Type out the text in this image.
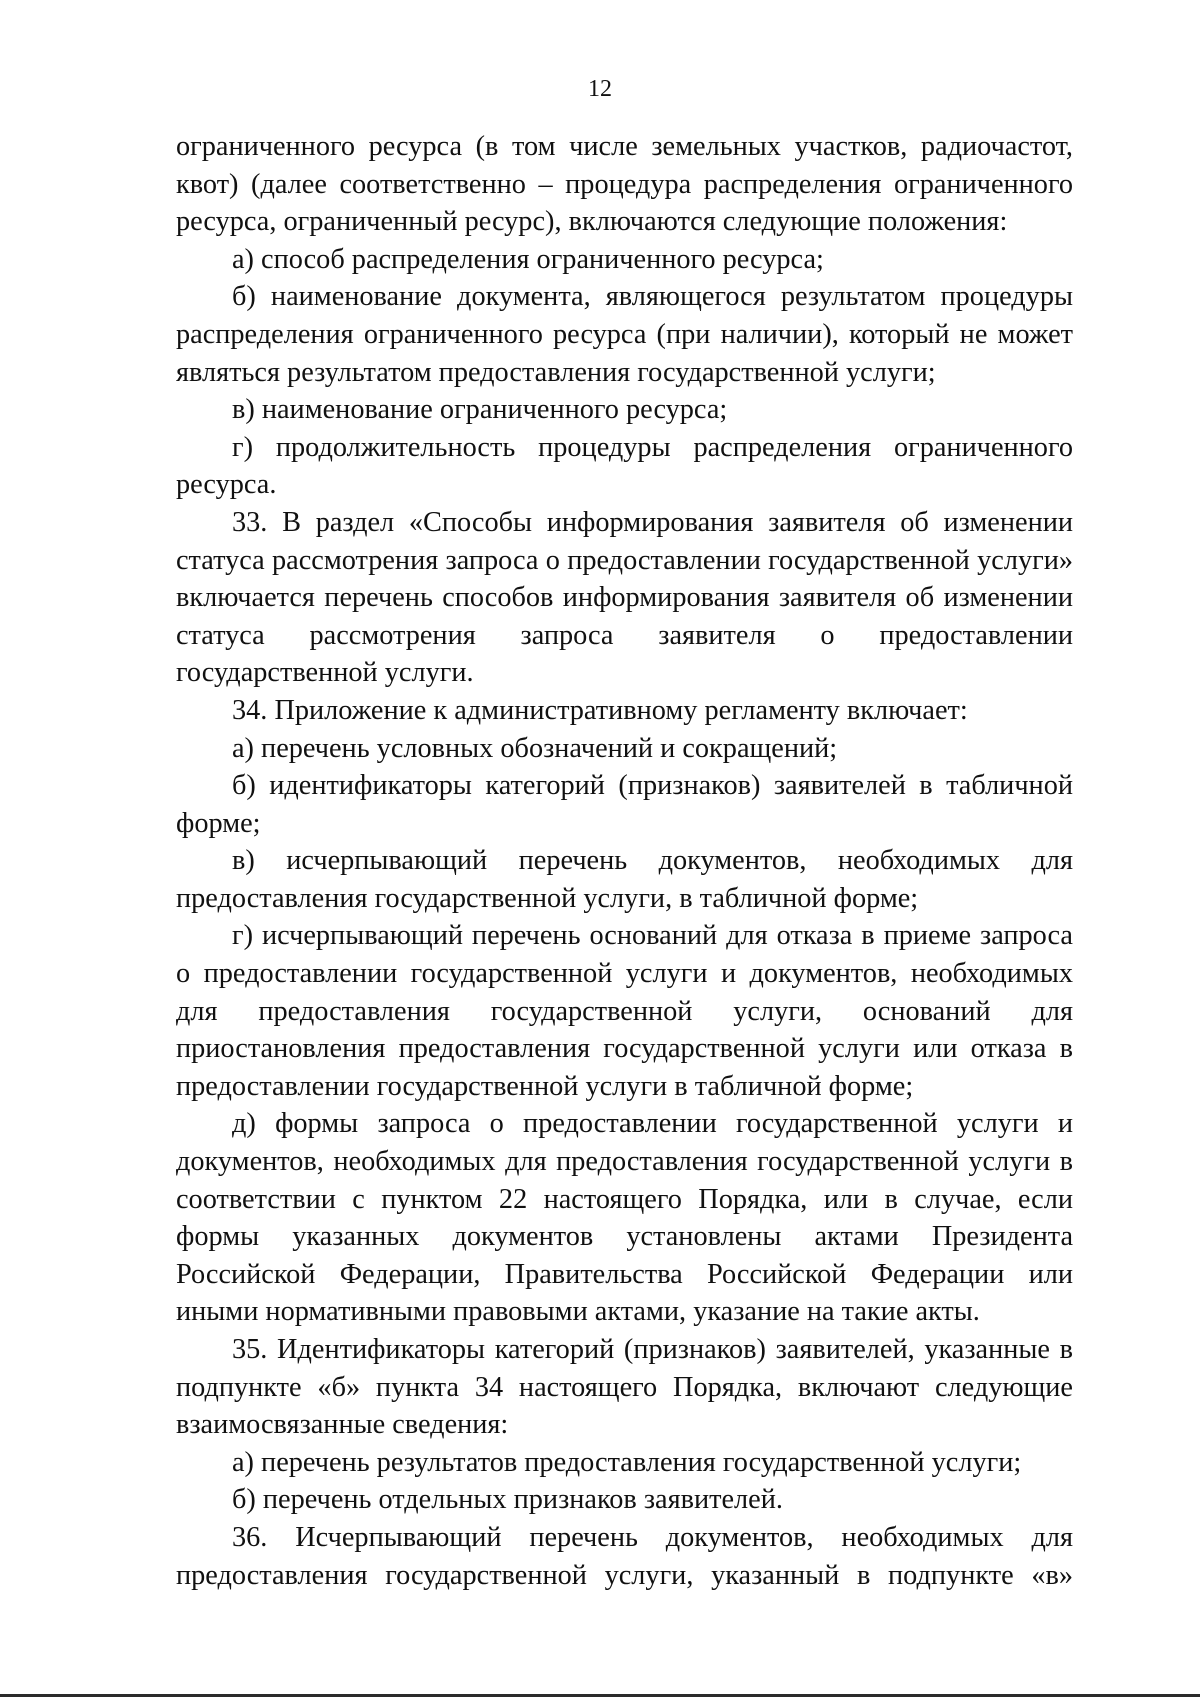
12

ограниченного ресурса (в том числе земельных участков, радиочастот, квот) (далее соответственно – процедура распределения ограниченного ресурса, ограниченный ресурс), включаются следующие положения:

а) способ распределения ограниченного ресурса;

б) наименование документа, являющегося результатом процедуры распределения ограниченного ресурса (при наличии), который не может являться результатом предоставления государственной услуги;

в) наименование ограниченного ресурса;

г) продолжительность процедуры распределения ограниченного ресурса.

33. В раздел «Способы информирования заявителя об изменении статуса рассмотрения запроса о предоставлении государственной услуги» включается перечень способов информирования заявителя об изменении статуса рассмотрения запроса заявителя о предоставлении государственной услуги.

34. Приложение к административному регламенту включает:

а) перечень условных обозначений и сокращений;

б) идентификаторы категорий (признаков) заявителей в табличной форме;

в) исчерпывающий перечень документов, необходимых для предоставления государственной услуги, в табличной форме;

г) исчерпывающий перечень оснований для отказа в приеме запроса о предоставлении государственной услуги и документов, необходимых для предоставления государственной услуги, оснований для приостановления предоставления государственной услуги или отказа в предоставлении государственной услуги в табличной форме;

д) формы запроса о предоставлении государственной услуги и документов, необходимых для предоставления государственной услуги в соответствии с пунктом 22 настоящего Порядка, или в случае, если формы указанных документов установлены актами Президента Российской Федерации, Правительства Российской Федерации или иными нормативными правовыми актами, указание на такие акты.

35. Идентификаторы категорий (признаков) заявителей, указанные в подпункте «б» пункта 34 настоящего Порядка, включают следующие взаимосвязанные сведения:

а) перечень результатов предоставления государственной услуги;

б) перечень отдельных признаков заявителей.

36. Исчерпывающий перечень документов, необходимых для предоставления государственной услуги, указанный в подпункте «в»
